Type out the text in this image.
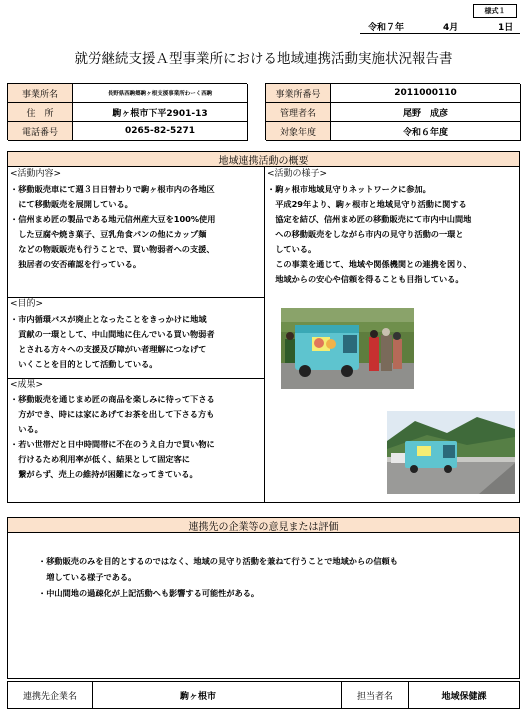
様式１
令和７年	4月	1日
就労継続支援Ａ型事業所における地域連携活動実施状況報告書
事業所名	長野県西駒郷駒ヶ根支援事業所わーく西駒
住　所	駒ヶ根市下平2901-13
電話番号	0265-82-5271
事業所番号	2011000110
管理者名	尾野　成彦
対象年度	令和６年度
地域連携活動の概要
<活動内容>
・移動販売車にて週３日日替わりで駒ヶ根市内の各地区
　にて移動販売を展開している。
・信州まめ匠の製品である地元信州産大豆を100%使用
　した豆腐や焼き菓子、豆乳角食パンの他にカップ麺
　などの物販販売も行うことで、買い物弱者への支援、
　独居者の安否確認を行っている。
<目的>
・市内循環バスが廃止となったことをきっかけに地域
　貢献の一環として、中山間地に住んでいる買い物弱者
　とされる方々への支援及び障がい者理解につなげて
　いくことを目的として活動している。
<成果>
・移動販売を通じまめ匠の商品を楽しみに待って下さる
　方ができ、時には家にあげてお茶を出して下さる方も
　いる。
・若い世帯だと日中時間帯に不在のうえ自力で買い物に
　行けるため利用率が低く、結果として固定客に
　繋がらず、売上の維持が困難になってきている。
<活動の様子>
・駒ヶ根市地域見守りネットワークに参加。
　平成29年より、駒ヶ根市と地域見守り活動に関する
　協定を結び、信州まめ匠の移動販売にて市内中山間地
　への移動販売をしながら市内の見守り活動の一環と
　している。
　この事業を通じて、地域や関係機関との連携を図り、
　地域からの安心や信頼を得ることも目指している。
連携先の企業等の意見または評価
・移動販売のみを目的とするのではなく、地域の見守り活動を兼ねて行うことで地域からの信頼も
　増している様子である。
・中山間地の過疎化が上記活動へも影響する可能性がある。
連携先企業名	駒ヶ根市	担当者名	地域保健課
